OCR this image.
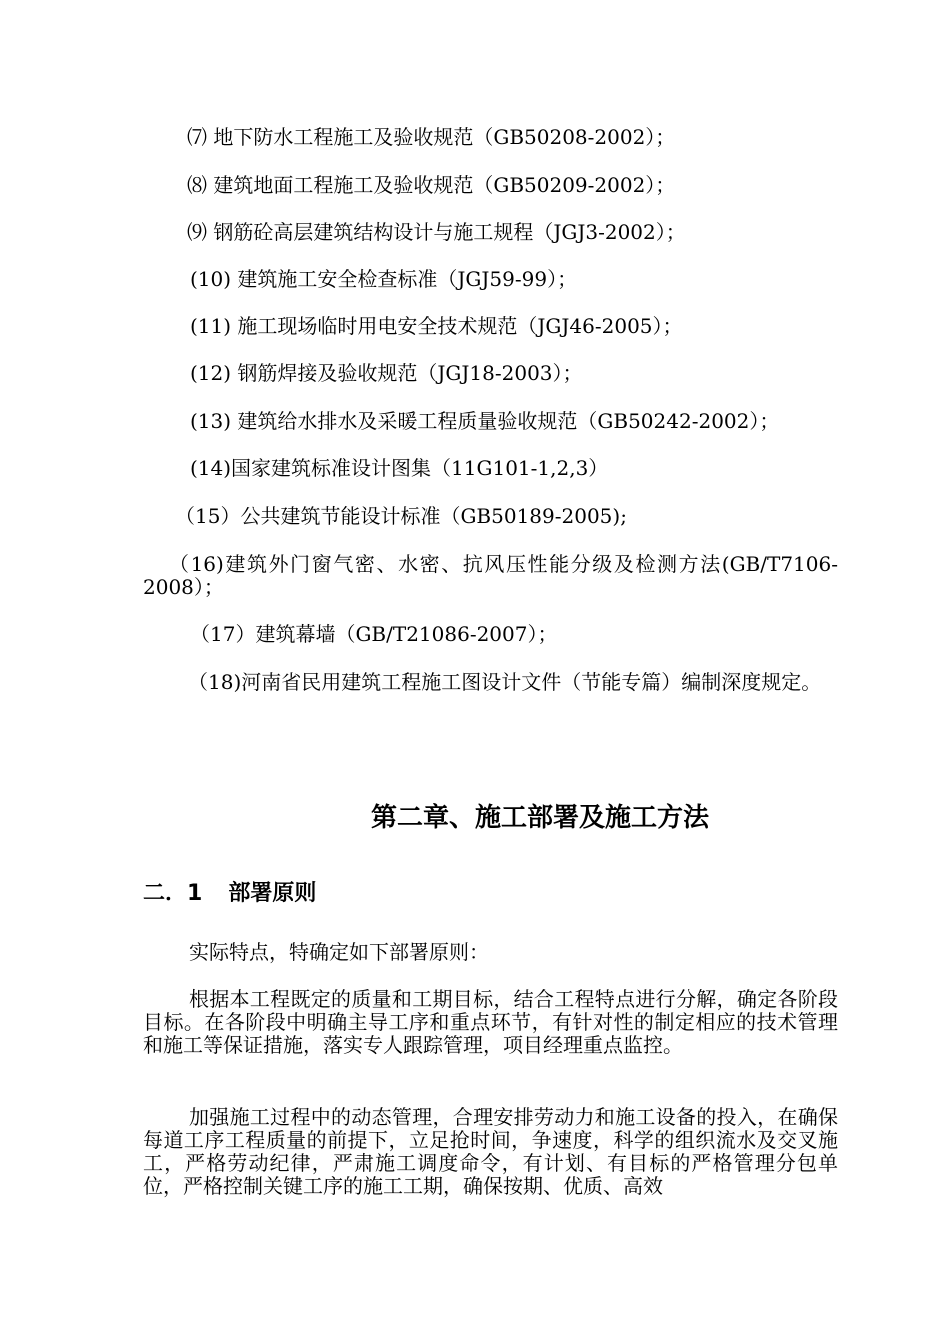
⑺ 地下防水工程施工及验收规范（GB50208-2002）；
⑻ 建筑地面工程施工及验收规范（GB50209-2002）；
⑼ 钢筋砼高层建筑结构设计与施工规程（JGJ3-2002）；
(10) 建筑施工安全检查标准（JGJ59-99）；
(11) 施工现场临时用电安全技术规范（JGJ46-2005）；
(12) 钢筋焊接及验收规范（JGJ18-2003）；
(13) 建筑给水排水及采暖工程质量验收规范（GB50242-2002）；
(14)国家建筑标准设计图集（11G101-1,2,3）
（15）公共建筑节能设计标准（GB50189-2005);
（16)建筑外门窗气密、水密、抗风压性能分级及检测方法(GB/T7106-2008）；
（17）建筑幕墙（GB/T21086-2007）；
（18)河南省民用建筑工程施工图设计文件（节能专篇）编制深度规定。
第二章、施工部署及施工方法
二．1 部署原则
实际特点，特确定如下部署原则：
根据本工程既定的质量和工期目标，结合工程特点进行分解，确定各阶段目标。在各阶段中明确主导工序和重点环节，有针对性的制定相应的技术管理和施工等保证措施，落实专人跟踪管理，项目经理重点监控。
加强施工过程中的动态管理，合理安排劳动力和施工设备的投入，在确保每道工序工程质量的前提下，立足抢时间，争速度，科学的组织流水及交叉施工，严格劳动纪律，严肃施工调度命令，有计划、有目标的严格管理分包单位，严格控制关键工序的施工工期，确保按期、优质、高效
